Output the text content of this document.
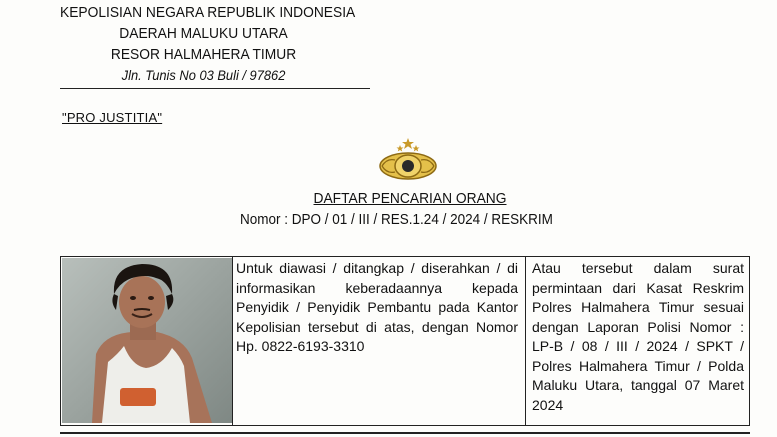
KEPOLISIAN NEGARA REPUBLIK INDONESIA
DAERAH MALUKU UTARA
RESOR HALMAHERA TIMUR
Jln. Tunis No 03 Buli / 97862
"PRO JUSTITIA"
DAFTAR PENCARIAN ORANG
Nomor : DPO / 01 / III / RES.1.24 / 2024 / RESKRIM
Untuk diawasi / ditangkap / diserahkan / di informasikan keberadaannya kepada Penyidik / Penyidik Pembantu pada Kantor Kepolisian tersebut di atas, dengan Nomor Hp. 0822-6193-3310
Atau tersebut dalam surat permintaan dari Kasat Reskrim Polres Halmahera Timur sesuai dengan Laporan Polisi Nomor : LP-B / 08 / III / 2024 / SPKT / Polres Halmahera Timur / Polda Maluku Utara, tanggal 07 Maret 2024
